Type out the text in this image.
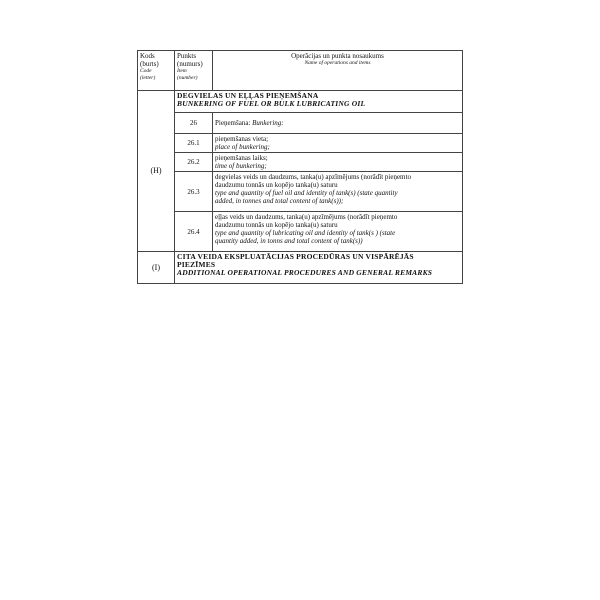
Kods
(burts)
Code
(letter)	Punkts
(numurs)
Item
(number)	Operācijas un punkta nosaukums
Name of operations and items

(H)	DEGVIELAS UN EĻĻAS PIEŅEMŠANA
BUNKERING OF FUEL OR BULK LUBRICATING OIL	

	26	Pieņemšana: Bunkering:
	26.1	pieņemšanas vieta;
place of bunkering;

	26.2	pieņemšanas laiks;
time of bunkering;

	26.3	degvielas veids un daudzums, tanka(u) apzīmējums (norādīt pieņemto
daudzumu tonnās un kopējo tanka(u) saturu
type and quantity of fuel oil and identity of tank(s) (state quantity
added, in tonnes and total content of tank(s));

	26.4	eļļas veids un daudzums, tanka(u) apzīmējums (norādīt pieņemto
daudzumu tonnās un kopējo tanka(u) saturu
type and quantity of lubricating oil and identity of tank(s ) (state
quantity added, in tonns and total content of tank(s))

(I)	CITA VEIDA EKSPLUATĀCIJAS PROCEDŪRAS UN VISPĀRĒJĀS
PIEZĪMES
ADDITIONAL OPERATIONAL PROCEDURES AND GENERAL REMARKS	
